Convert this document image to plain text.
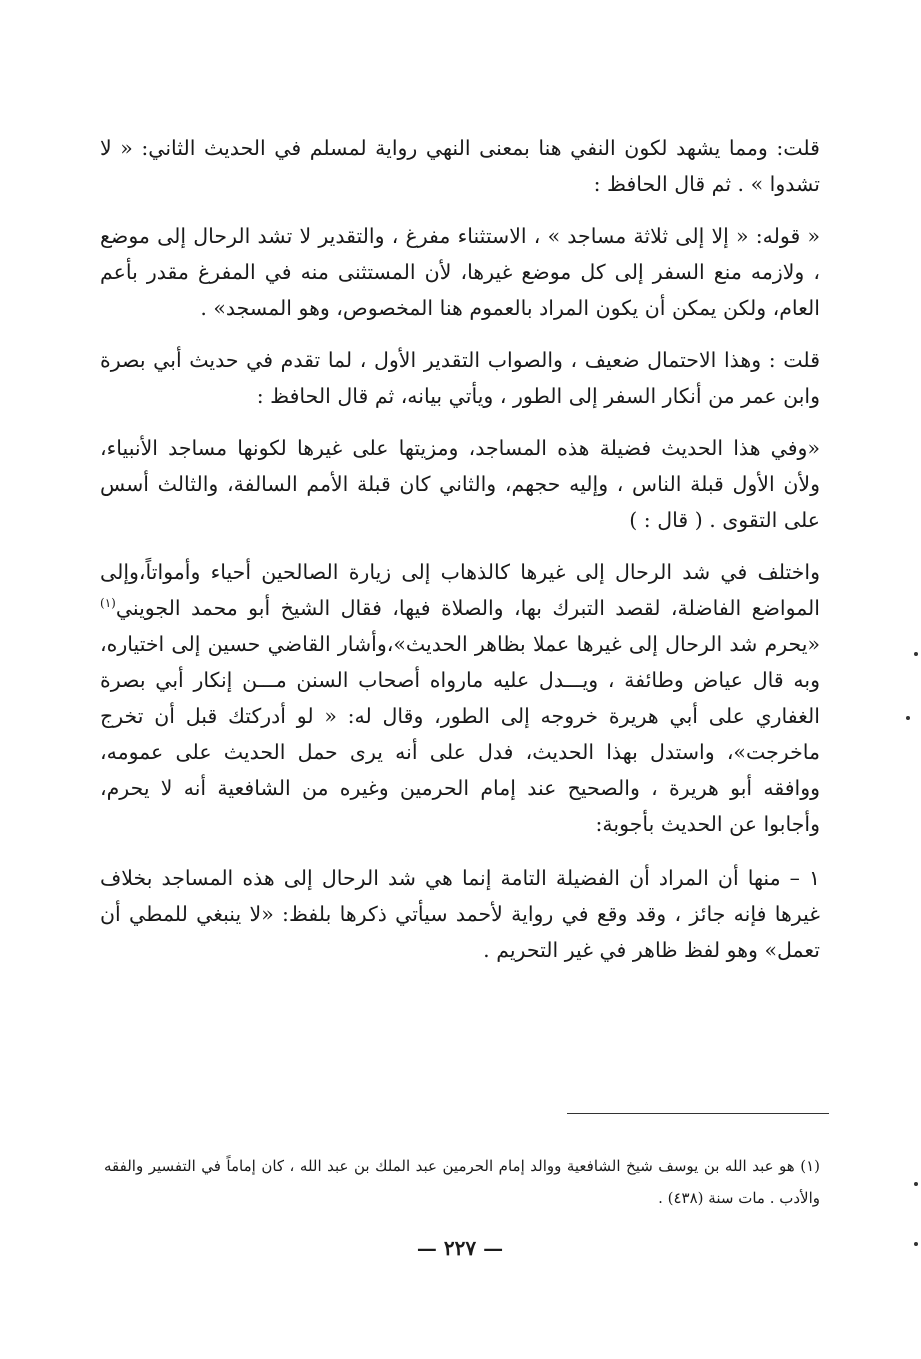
قلت: ومما يشهد لكون النفي هنا بمعنى النهي رواية لمسلم في الحديث الثاني: « لا تشدوا » . ثم قال الحافظ :

« قوله: « إلا إلى ثلاثة مساجد » ، الاستثناء مفرغ ، والتقدير لا تشد الرحال إلى موضع ، ولازمه منع السفر إلى كل موضع غيرها، لأن المستثنى منه في المفرغ مقدر بأعم العام، ولكن يمكن أن يكون المراد بالعموم هنا المخصوص، وهو المسجد» .

قلت : وهذا الاحتمال ضعيف ، والصواب التقدير الأول ، لما تقدم في حديث أبي بصرة وابن عمر من أنكار السفر إلى الطور ، ويأتي بيانه، ثم قال الحافظ :

«وفي هذا الحديث فضيلة هذه المساجد، ومزيتها على غيرها لكونها مساجد الأنبياء، ولأن الأول قبلة الناس ، وإليه حجهم، والثاني كان قبلة الأمم السالفة، والثالث أسس على التقوى . ( قال : )

واختلف في شد الرحال إلى غيرها كالذهاب إلى زيارة الصالحين أحياء وأمواتاً،وإلى المواضع الفاضلة، لقصد التبرك بها، والصلاة فيها، فقال الشيخ أبو محمد الجويني$^{(١)}$ «يحرم شد الرحال إلى غيرها عملا بظاهر الحديث»،وأشار القاضي حسين إلى اختياره، وبه قال عياض وطائفة ، ويـــدل عليه مارواه أصحاب السنن مـــن إنكار أبي بصرة الغفاري على أبي هريرة خروجه إلى الطور، وقال له: « لو أدركتك قبل أن تخرج ماخرجت»، واستدل بهذا الحديث، فدل على أنه يرى حمل الحديث على عمومه، ووافقه أبو هريرة ، والصحيح عند إمام الحرمين وغيره من الشافعية أنه لا يحرم، وأجابوا عن الحديث بأجوبة:

١ – منها أن المراد أن الفضيلة التامة إنما هي شد الرحال إلى هذه المساجد بخلاف غيرها فإنه جائز ، وقد وقع في رواية لأحمد سيأتي ذكرها بلفظ: «لا ينبغي للمطي أن تعمل» وهو لفظ ظاهر في غير التحريم .

(١) هو عبد الله بن يوسف شيخ الشافعية ووالد إمام الحرمين عبد الملك بن عبد الله ، كان إماماً في التفسير والفقه والأدب . مات سنة (٤٣٨) .

— ٢٢٧ —
